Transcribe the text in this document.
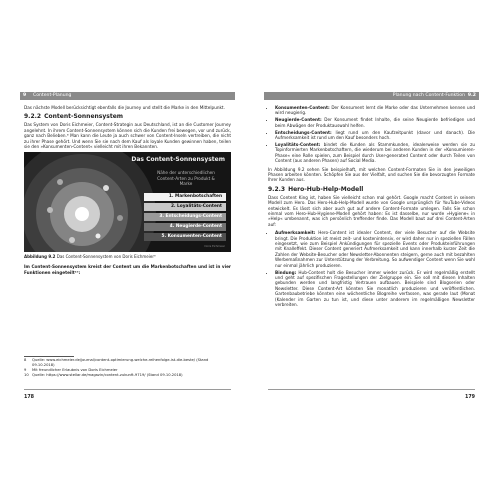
9 Content-Planung

Das nächste Modell berücksichtigt ebenfalls die Journey und stellt die Marke in den Mittelpunkt.

9.2.2 Content-Sonnensystem

Das System von Doris Eichmeier, Content-Strategin aus Deutschland, ist an die Customer Journey angelehnt. In ihrem Content-Sonnensystem können sich die Kunden frei bewegen, vor und zurück, ganz nach Belieben.⁸ Man kann die Leute ja auch schwer von Content-Inseln vertreiben, die nicht zu ihrer Phase gehört. Und wenn Sie sie nach dem Kauf als loyale Kunden gewinnen haben, teilen sie den »Konsumenten-Content« vielleicht mit ihren Bekannten.

Das Content-Sonnensystem
Nähe der unterschiedlichen Content-Arten zu Produkt & Marke
1. Markenbotschaften
2. Loyalitäts-Content
3. Entscheidungs-Content
4. Neugierde-Content
5. Konsumenten-Content
Doris Eichmeier
Abbildung 9.2 Das Content-Sonnensystem von Doris Eichmeier⁹

Im Content-Sonnensystem kreist der Content um die Markenbotschaften und ist in vier Funktionen eingeteilt¹⁰:

8	Quelle: www.eichmeier.de/journal/content-optimierung-welche-reihenfolge-ist-die-beste/ (Stand 09.10.2018)
9	Mit freundlicher Erlaubnis von Doris Eichmeier
10 Quelle: https://www.stellar.de/magazin/content-zukunft-9719/ (Stand 09.10.2018)
178
Planung nach Content-Funktion 9.2
• Konsumenten-Content: Der Konsument lernt die Marke oder das Unternehmen kennen und wird neugierig.
• Neugierde-Content: Der Konsument findet Inhalte, die seine Neugierde befriedigen und beim Abwägen der Produktauswahl helfen.
• Entscheidungs-Content: liegt rund um den Kaufzeitpunkt (davor und danach). Die Aufmerksamkeit ist rund um den Kauf besonders hoch.
• Loyalitäts-Content: bindet die Kunden als Stammkunden, idealerweise werden sie zu Topinformierten Markenbotschaftern, die wiederum bei anderen Kunden in der »Konsumieren-Phase« eine Rolle spielen, zum Beispiel durch User-generated Content oder durch Teilen von Content (aus anderen Phasen) auf Social Media.

In Abbildung 9.2 sehen Sie beispielhaft, mit welchen Content-Formaten Sie in den jeweiligen Phasen arbeiten könnten. Schöpfen Sie aus der Vielfalt, und suchen Sie die bevorzugten Formate Ihrer Kunden aus.

9.2.3 Hero-Hub-Help-Modell

Dass Content King ist, haben Sie vielleicht schon mal gehört. Google macht Content in seinem Modell zum Hero. Das Hero-Hub-Help-Modell wurde von Google ursprünglich für YouTube-Videos entwickelt. Es lässt sich aber auch gut auf andere Content-Formate umlegen. Falls Sie schon einmal vom Hero-Hub-Hygiene-Modell gehört haben: Es ist dasselbe, nur wurde »Hygiene« in »Help« umbenannt, was ich persönlich treffender finde. Das Modell baut auf drei Content-Arten auf:

• Aufmerksamkeit: Hero-Content ist idealer Content, der viele Besucher auf die Website bringt. Die Produktion ist meist zeit- und kostenintensiv, er wird daher nur in speziellen Fällen eingesetzt, wie zum Beispiel Ankündigungen für spezielle Events oder Produkteinführungen mit Knalleffekt. Dieser Content generiert Aufmerksamkeit und kann innerhalb kurzer Zeit die Zahlen der Website-Besucher oder Newsletter-Abonnenten steigern, gerne auch mit bezahlten Werbemaßnahmen zur Unterstützung der Verbreitung. So aufwendiger Content wenn Sie wohl nur einmal jährlich produzieren.
• Bindung: Hub-Content holt die Besucher immer wieder zurück. Er wird regelmäßig erstellt und geht auf spezifischen Fragestellungen der Zielgruppe ein. Sie soll mit diesen Inhalten gebunden werden und langfristig Vertrauen aufbauen. Beispiele sind Blogserien oder Newsletter. Diese Content-Art könnten Sie monatlich produzieren und veröffentlichen. Gartenbaubetriebe könnten eine wöchentliche Blogreihe verfassen, was gerade laut (Monat (Kalender im Garten zu tun ist, und diese unter anderem im regelmäßigen Newsletter verbreiten.
179
